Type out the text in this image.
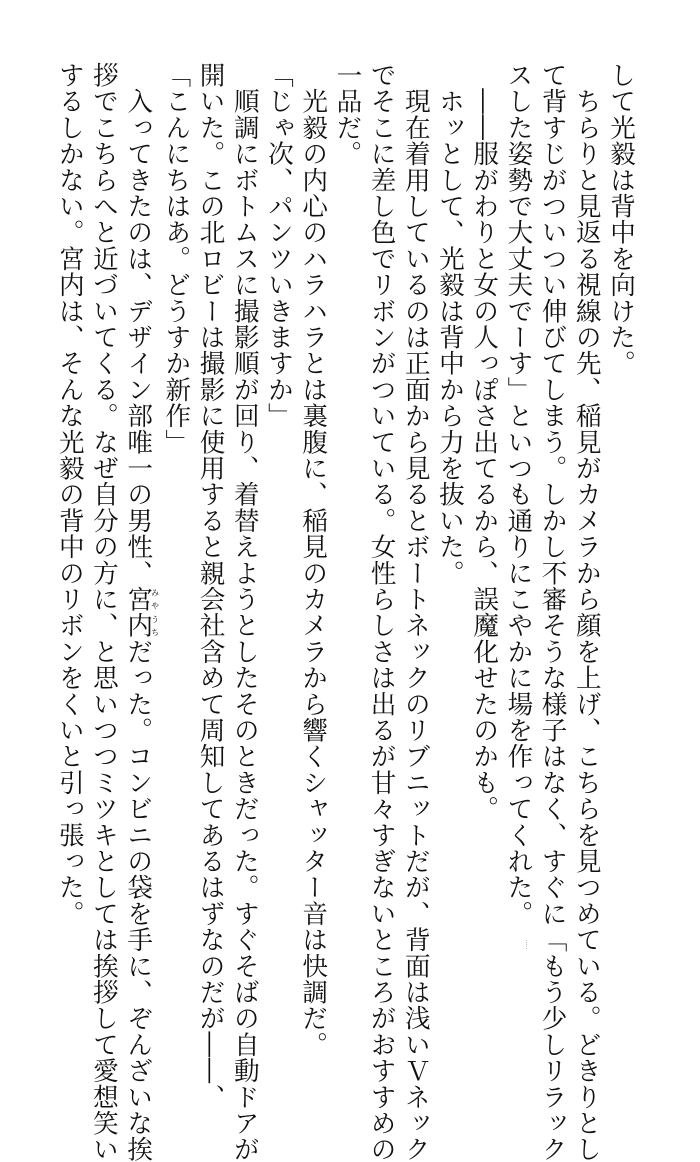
して光毅は背中を向けた。
　ちらりと見返る視線の先、稲見がカメラから顔を上げ、こちらを見つめている。どきりとし
て背すじがついつい伸びてしまう。しかし不審そうな様子はなく、すぐに「もう少しリラック
スした姿勢で大丈夫でーす」といつも通りにこやかに場を作ってくれた。
　――服がわりと女の人っぽさ出てるから、誤魔化せたのかも。
　ホッとして、光毅は背中から力を抜いた。
　現在着用しているのは正面から見るとボートネックのリブニットだが、背面は浅いＶネック
でそこに差し色でリボンがついている。女性らしさは出るが甘々すぎないところがおすすめの
一品だ。
　光毅の内心のハラハラとは裏腹に、稲見のカメラから響くシャッター音は快調だ。
「じゃ次、パンツいきますか」
　順調にボトムスに撮影順が回り、着替えようとしたそのときだった。すぐそばの自動ドアが
開いた。この北ロビーは撮影に使用すると親会社含めて周知してあるはずなのだが――、
「こんにちはあ。どうすか新作」
　入ってきたのは、デザイン部唯一の男性、宮内みやうちだった。コンビニの袋を手に、ぞんざいな挨
拶でこちらへと近づいてくる。なぜ自分の方に、と思いつつミツキとしては挨拶して愛想笑い
するしかない。宮内は、そんな光毅の背中のリボンをくいと引っ張った。
